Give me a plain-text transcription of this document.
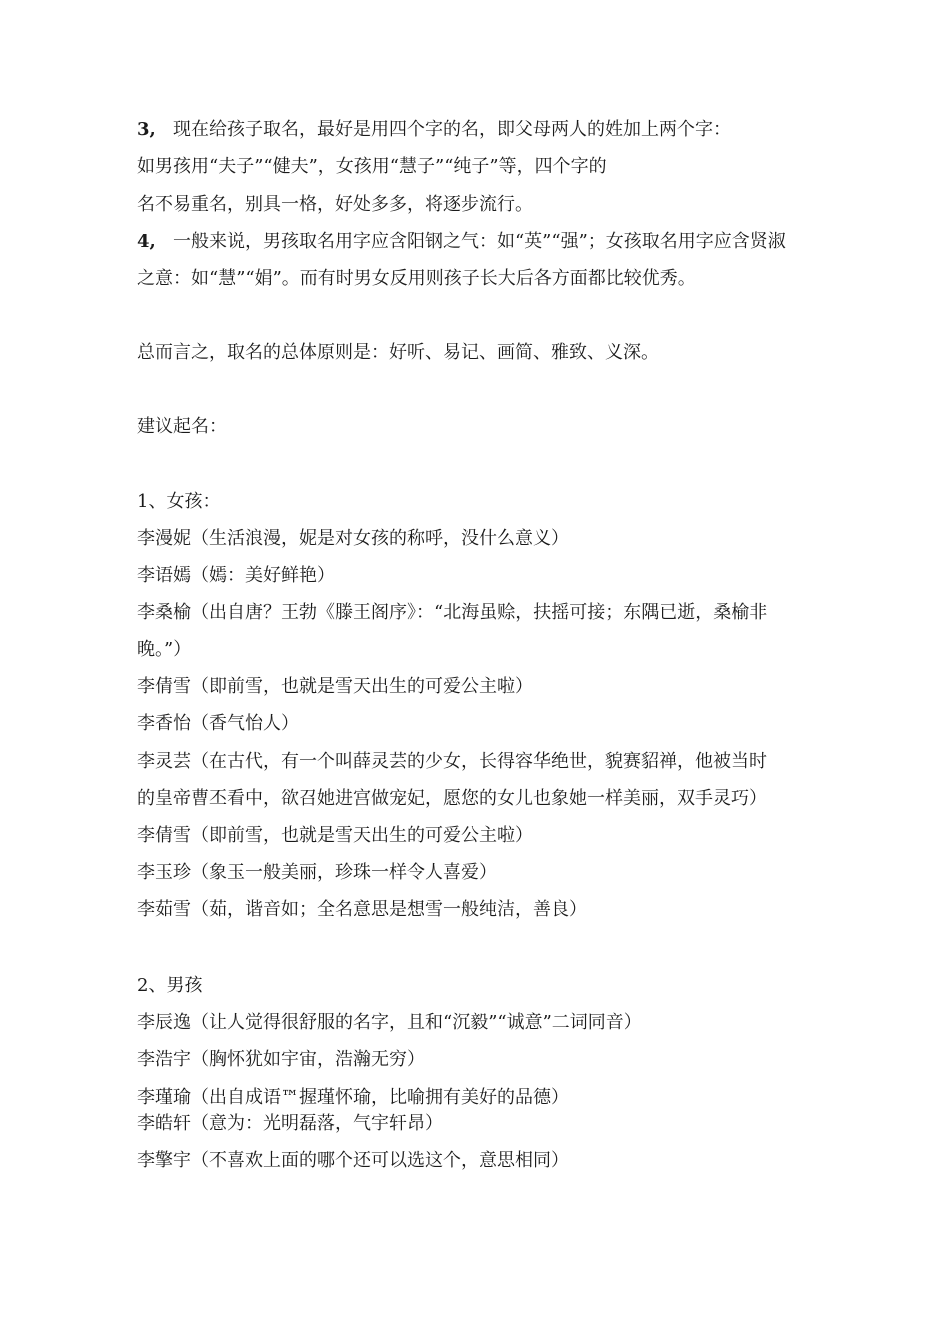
3, 现在给孩子取名，最好是用四个字的名，即父母两人的姓加上两个字：
如男孩用“夫子”“健夫”，女孩用“慧子”“纯子”等，四个字的
名不易重名，别具一格，好处多多，将逐步流行。
4, 一般来说，男孩取名用字应含阳钢之气：如“英”“强”；女孩取名用字应含贤淑
之意：如“慧”“娟”。而有时男女反用则孩子长大后各方面都比较优秀。
总而言之，取名的总体原则是：好听、易记、画简、雅致、义深。
建议起名：
1、女孩：
李漫妮（生活浪漫，妮是对女孩的称呼，没什么意义）
李语嫣（嫣：美好鲜艳）
李桑榆（出自唐？王勃《滕王阁序》：“北海虽赊，扶摇可接；东隅已逝，桑榆非
晚。”）
李倩雪（即前雪，也就是雪天出生的可爱公主啦）
李香怡（香气怡人）
李灵芸（在古代，有一个叫薛灵芸的少女，长得容华绝世，貌赛貂禅，他被当时
的皇帝曹丕看中，欲召她进宫做宠妃，愿您的女儿也象她一样美丽，双手灵巧）
李倩雪（即前雪，也就是雪天出生的可爱公主啦）
李玉珍（象玉一般美丽，珍珠一样令人喜爱）
李茹雪（茹，谐音如；全名意思是想雪一般纯洁，善良）
2、男孩
李辰逸（让人觉得很舒服的名字，且和“沉毅”“诚意”二词同音）
李浩宇（胸怀犹如宇宙，浩瀚无穷）
李瑾瑜（出自成语™握瑾怀瑜，比喻拥有美好的品德）
李皓轩（意为：光明磊落，气宇轩昂）
李擎宇（不喜欢上面的哪个还可以选这个，意思相同）
